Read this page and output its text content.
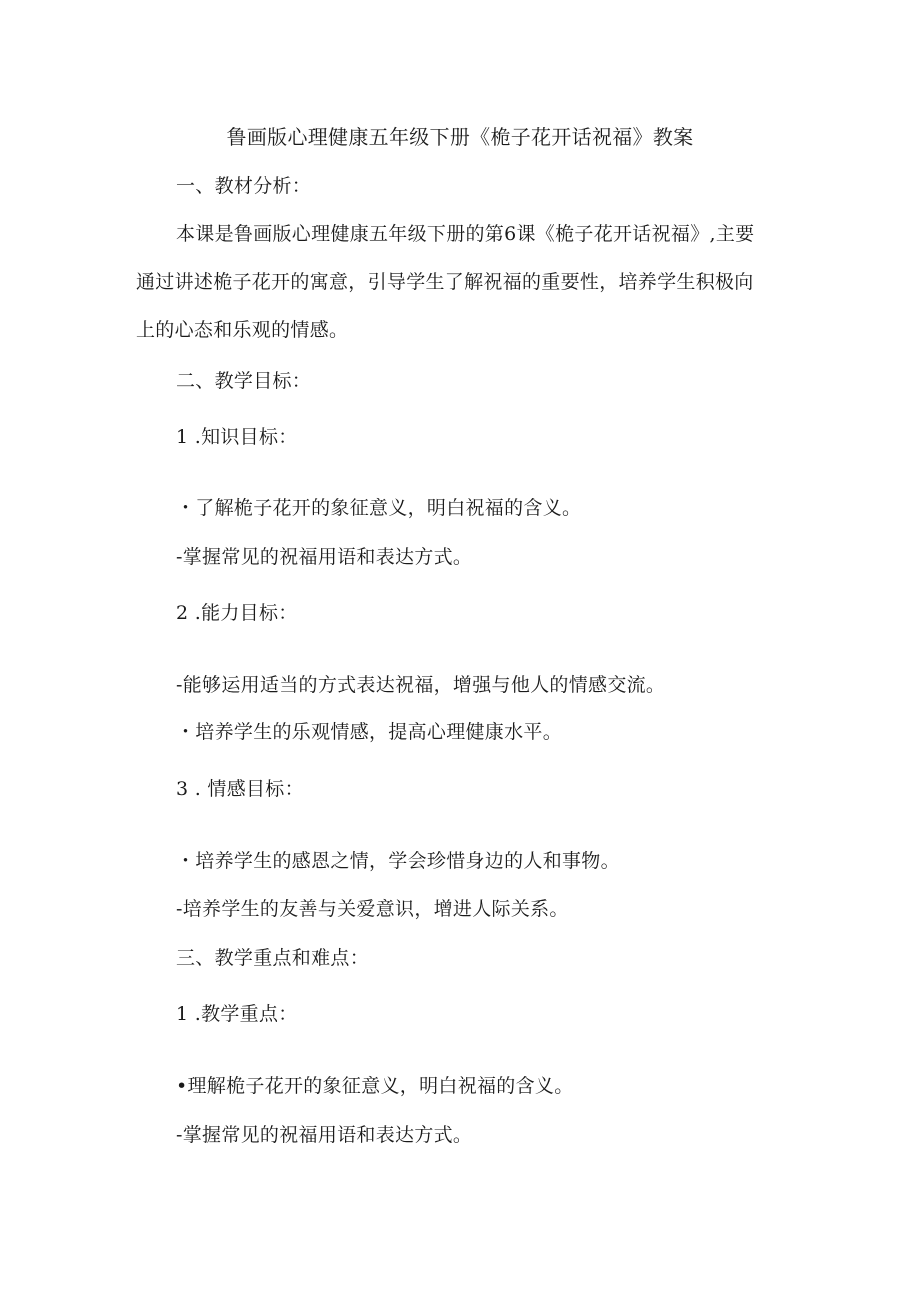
鲁画版心理健康五年级下册《桅子花开话祝福》教案
一、教材分析：
本课是鲁画版心理健康五年级下册的第6课《桅子花开话祝福》,主要
通过讲述桅子花开的寓意，引导学生了解祝福的重要性，培养学生积极向
上的心态和乐观的情感。
二、教学目标：
1 .知识目标：
・了解桅子花开的象征意义，明白祝福的含义。
-掌握常见的祝福用语和表达方式。
2 .能力目标：
-能够运用适当的方式表达祝福，增强与他人的情感交流。
・培养学生的乐观情感，提高心理健康水平。
3 . 情感目标：
・培养学生的感恩之情，学会珍惜身边的人和事物。
-培养学生的友善与关爱意识，增进人际关系。
三、教学重点和难点：
1 .教学重点：
•理解桅子花开的象征意义，明白祝福的含义。
-掌握常见的祝福用语和表达方式。
